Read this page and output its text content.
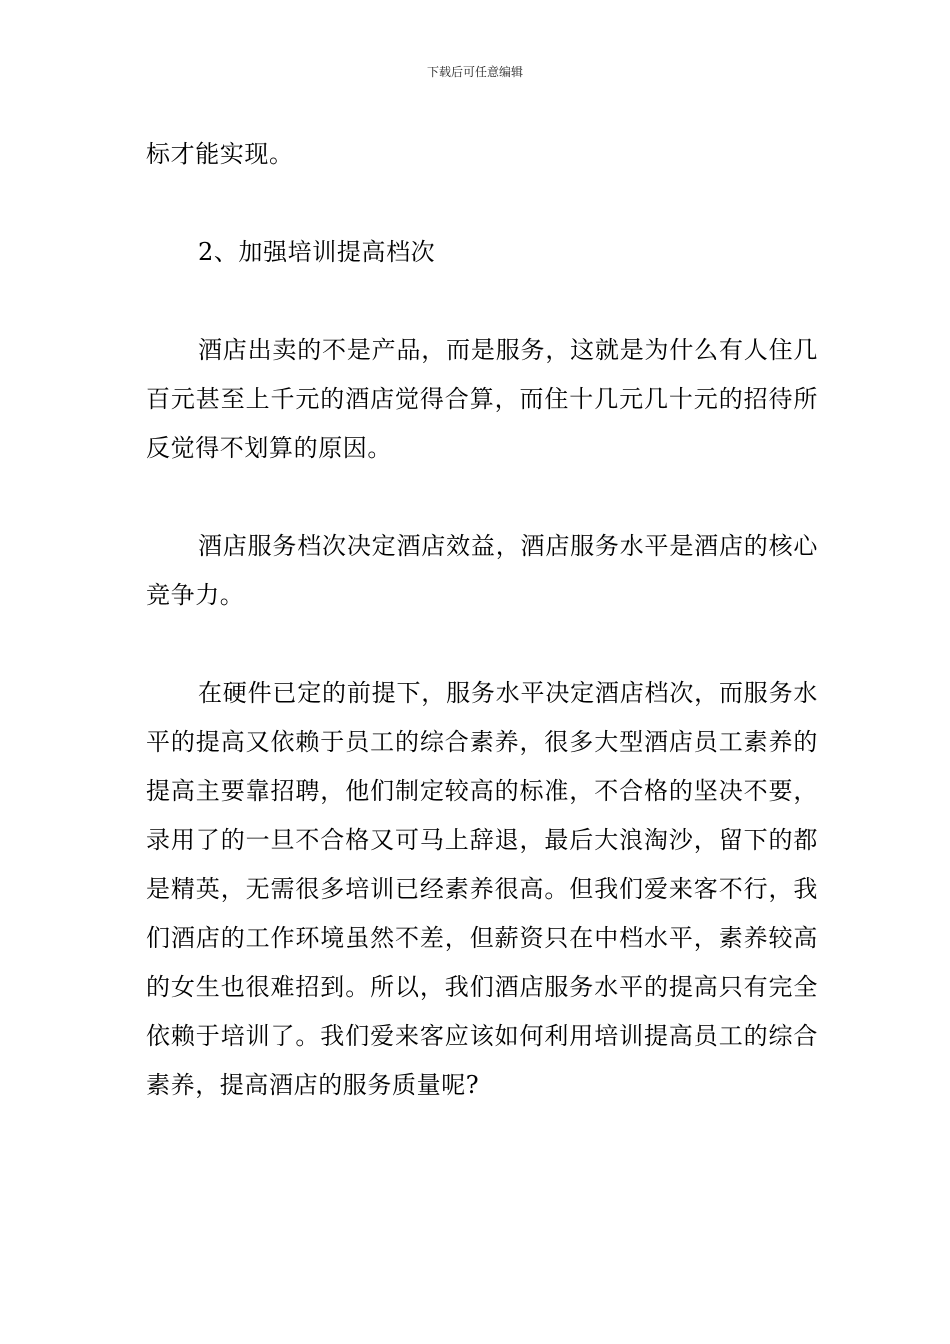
下载后可任意编辑

标才能实现。

2、加强培训提高档次

酒店出卖的不是产品，而是服务，这就是为什么有人住几百元甚至上千元的酒店觉得合算，而住十几元几十元的招待所反觉得不划算的原因。

酒店服务档次决定酒店效益，酒店服务水平是酒店的核心竞争力。

在硬件已定的前提下，服务水平决定酒店档次，而服务水平的提高又依赖于员工的综合素养，很多大型酒店员工素养的提高主要靠招聘，他们制定较高的标准，不合格的坚决不要，录用了的一旦不合格又可马上辞退，最后大浪淘沙，留下的都是精英，无需很多培训已经素养很高。但我们爱来客不行，我们酒店的工作环境虽然不差，但薪资只在中档水平，素养较高的女生也很难招到。所以，我们酒店服务水平的提高只有完全依赖于培训了。我们爱来客应该如何利用培训提高员工的综合素养，提高酒店的服务质量呢?
